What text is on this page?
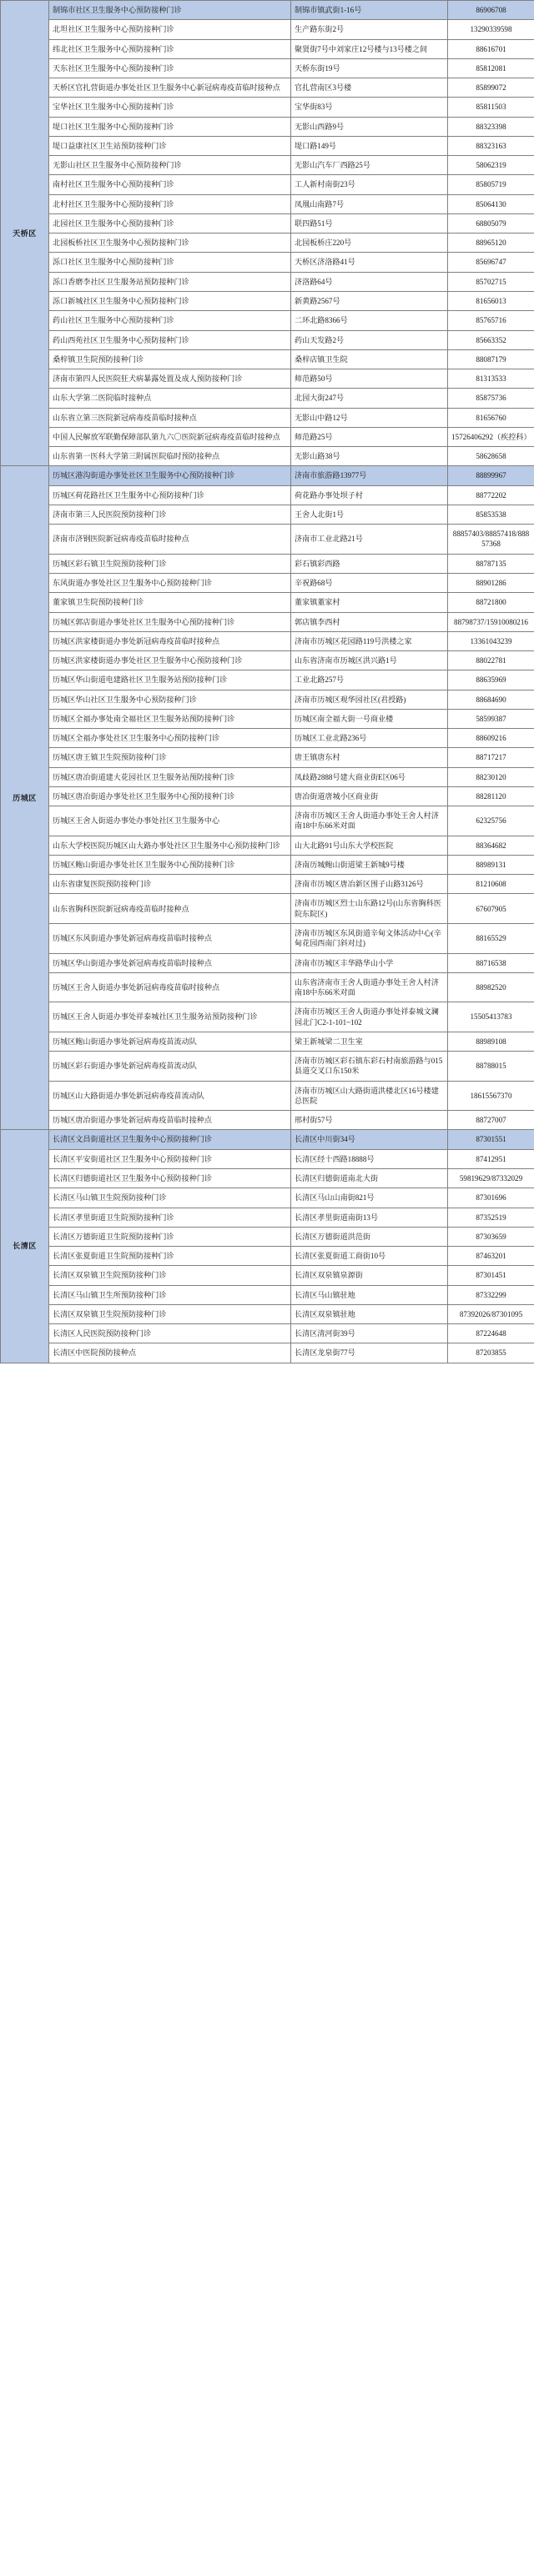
天桥区	制锦市社区卫生服务中心预防接种门诊	制锦市镇武街1-16号	86906708
	北坦社区卫生服务中心预防接种门诊	生产路东街2号	13290339598
	纬北社区卫生服务中心预防接种门诊	聚贤街7号中刘家庄12号楼与13号楼之间	88616701
	天东社区卫生服务中心预防接种门诊	天桥东街19号	85812081
	天桥区官扎营街道办事处社区卫生服务中心新冠病毒疫苗临时接种点	官扎营南区3号楼	85899072
	宝华社区卫生服务中心预防接种门诊	宝华街83号	85811503
	堤口社区卫生服务中心预防接种门诊	无影山西路9号	88323398
	堤口益康社区卫生站预防接种门诊	堤口路149号	88323163
	无影山社区卫生服务中心预防接种门诊	无影山汽车厂西路25号	58062319
	南村社区卫生服务中心预防接种门诊	工人新村南街23号	85805719
	北村社区卫生服务中心预防接种门诊	凤凰山南路7号	85064130
	北园社区卫生服务中心预防接种门诊	联四路51号	68805079
	北园板桥社区卫生服务中心预防接种门诊	北园板桥庄220号	88965120
	泺口社区卫生服务中心预防接种门诊	天桥区济洛路41号	85696747
	泺口香磨李社区卫生服务站预防接种门诊	济洛路64号	85702715
	泺口新城社区卫生服务中心预防接种门诊	新黄路2567号	81656013
	药山社区卫生服务中心预防接种门诊	二环北路8366号	85765716
	药山西苑社区卫生服务中心预防接种门诊	药山天发路2号	85663352
	桑梓镇卫生院预防接种门诊	桑梓店镇卫生院	88087179
	济南市第四人民医院狂犬病暴露处置及成人预防接种门诊	师范路50号	81313533
	山东大学第二医院临时接种点	北园大街247号	85875736
	山东省立第三医院新冠病毒疫苗临时接种点	无影山中路12号	81656760
	中国人民解放军联勤保障部队第九六〇医院新冠病毒疫苗临时接种点	师范路25号	15726406292（疾控科）
	山东省第一医科大学第三附属医院临时预防接种点	无影山路38号	58628658
历城区	历城区港沟街道办事处社区卫生服务中心预防接种门诊	济南市旅游路13977号	88899967
	历城区荷花路社区卫生服务中心预防接种门诊	荷花路办事处坝子村	88772202
	济南市第三人民医院预防接种门诊	王舍人北街1号	85853538
	济南市济钢医院新冠病毒疫苗临时接种点	济南市工业北路21号	88857403/88857418/88857368
	历城区彩石镇卫生院预防接种门诊	彩石镇彩西路	88787135
	东风街道办事处社区卫生服务中心预防接种门诊	辛祝路68号	88901286
	董家镇卫生院预防接种门诊	董家镇董家村	88721800
	历城区郭店街道办事处社区卫生服务中心预防接种门诊	郭店镇李西村	88798737/15910080216
	历城区洪家楼街道办事处新冠病毒疫苗临时接种点	济南市历城区花园路119号洪楼之家	13361043239
	历城区洪家楼街道办事处社区卫生服务中心预防接种门诊	山东省济南市历城区洪兴路1号	88022781
	历城区华山街道电建路社区卫生服务站预防接种门诊	工业北路257号	88635969
	历城区华山社区卫生服务中心预防接种门诊	济南市历城区观华园社区(君授路)	88684690
	历城区全福办事处南全福社区卫生服务站预防接种门诊	历城区南全福大街一号商业楼	58599387
	历城区全福办事处社区卫生服务中心预防接种门诊	历城区工业北路236号	88609216
	历城区唐王镇卫生院预防接种门诊	唐王镇唐东村	88717217
	历城区唐冶街道建大花园社区卫生服务站预防接种门诊	凤歧路2888号建大商业街E区06号	88230120
	历城区唐冶街道办事处社区卫生服务中心预防接种门诊	唐冶街道唐城小区商业街	88281120
	历城区王舍人街道办事处办事处社区卫生服务中心	济南市历城区王舍人街道办事处王舍人村济南18中东66米对面	62325756
	山东大学校医院历城区山大路办事处社区卫生服务中心预防接种门诊	山大北路91号山东大学校医院	88364682
	历城区鲍山街道办事处社区卫生服务中心预防接种门诊	济南历城鲍山街道梁王新城9号楼	88989131
	山东省康复医院预防接种门诊	济南市历城区唐冶新区围子山路3126号	81210608
	山东省胸科医院新冠病毒疫苗临时接种点	济南市历城区烈士山东路12号(山东省胸科医院东院区)	67607905
	历城区东风街道办事处新冠病毒疫苗临时接种点	济南市历城区东风街道辛甸文体活动中心(辛甸花园西南门斜对过)	88165529
	历城区华山街道办事处新冠病毒疫苗临时接种点	济南市历城区丰华路华山小学	88716538
	历城区王舍人街道办事处新冠病毒疫苗临时接种点	山东省济南市王舍人街道办事处王舍人村济南18中东66米对面	88982520
	历城区王舍人街道办事处祥泰城社区卫生服务站预防接种门诊	济南市历城区王舍人街道办事处祥泰城文澜园北门C2-1-101~102	15505413783
	历城区鲍山街道办事处新冠病毒疫苗流动队	梁王新城梁二卫生室	88989108
	历城区彩石街道办事处新冠病毒疫苗流动队	济南市历城区彩石镇东彩石村南旅游路与015县道交叉口东150米	88788015
	历城区山大路街道办事处新冠病毒疫苗流动队	济南市历城区山大路街道洪楼北区16号楼建总医院	18615567370
	历城区唐冶街道办事处新冠病毒疫苗临时接种点	邢村街57号	88727007
长清区	长清区文昌街道社区卫生服务中心预防接种门诊	长清区中川街34号	87301551
	长清区平安街道社区卫生服务中心预防接种门诊	长清区经十西路18888号	87412951
	长清区归德街道社区卫生服务中心预防接种门诊	长清区归德街道南北大街	59819629/87332029
	长清区马山镇卫生院预防接种门诊	长清区马山山南街821号	87301696
	长清区孝里街道卫生院预防接种门诊	长清区孝里街道南街13号	87352519
	长清区万德街道卫生院预防接种门诊	长清区万德街道洪范街	87303659
	长清区张夏街道卫生院预防接种门诊	长清区张夏街道工商街10号	87463201
	长清区双泉镇卫生院预防接种门诊	长清区双泉镇泉源街	87301451
	长清区马山镇卫生所预防接种门诊	长清区马山镇驻地	87332299
	长清区双泉镇卫生院预防接种门诊	长清区双泉镇驻地	87392026/87301095
	长清区人民医院预防接种门诊	长清区清河街39号	87224648
	长清区中医院预防接种点	长清区龙泉街77号	87203855
